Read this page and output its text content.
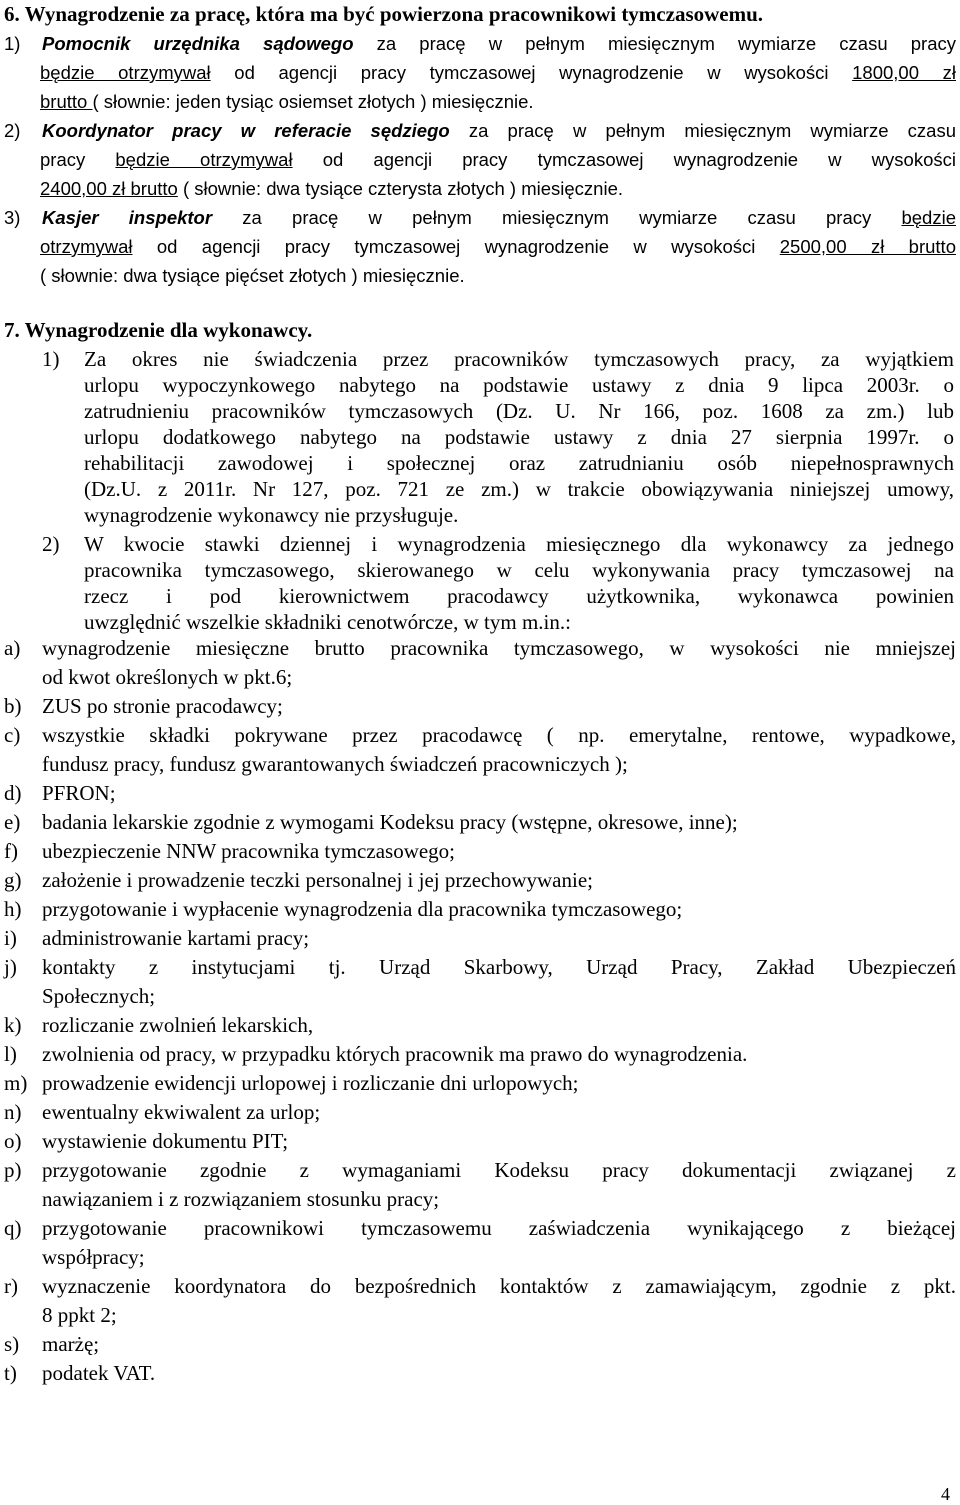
6. Wynagrodzenie za pracę, która ma być powierzona pracownikowi tymczasowemu.
1) Pomocnik urzędnika sądowego za pracę w pełnym miesięcznym wymiarze czasu pracy
będzie otrzymywał od agencji pracy tymczasowej wynagrodzenie w wysokości 1800,00 zł
brutto ( słownie: jeden tysiąc osiemset złotych ) miesięcznie.
2) Koordynator pracy w referacie sędziego za pracę w pełnym miesięcznym wymiarze czasu
pracy będzie otrzymywał od agencji pracy tymczasowej wynagrodzenie w wysokości
2400,00 zł brutto ( słownie: dwa tysiące czterysta złotych ) miesięcznie.
3) Kasjer inspektor za pracę w pełnym miesięcznym wymiarze czasu pracy będzie
otrzymywał od agencji pracy tymczasowej wynagrodzenie w wysokości 2500,00 zł brutto
( słownie: dwa tysiące pięćset złotych ) miesięcznie.
7. Wynagrodzenie dla wykonawcy.
1) Za okres nie świadczenia przez pracowników tymczasowych pracy, za wyjątkiem
urlopu wypoczynkowego nabytego na podstawie ustawy z dnia 9 lipca 2003r. o
zatrudnieniu pracowników tymczasowych (Dz. U. Nr 166, poz. 1608 za zm.) lub
urlopu dodatkowego nabytego na podstawie ustawy z dnia 27 sierpnia 1997r. o
rehabilitacji zawodowej i społecznej oraz zatrudnianiu osób niepełnosprawnych
(Dz.U. z 2011r. Nr 127, poz. 721 ze zm.) w trakcie obowiązywania niniejszej umowy,
wynagrodzenie wykonawcy nie przysługuje.
2) W kwocie stawki dziennej i wynagrodzenia miesięcznego dla wykonawcy za jednego
pracownika tymczasowego, skierowanego w celu wykonywania pracy tymczasowej na
rzecz i pod kierownictwem pracodawcy użytkownika, wykonawca powinien
uwzględnić wszelkie składniki cenotwórcze, w tym m.in.:
a) wynagrodzenie miesięczne brutto pracownika tymczasowego, w wysokości nie mniejszej
od kwot określonych w pkt.6;
b) ZUS po stronie pracodawcy;
c) wszystkie składki pokrywane przez pracodawcę ( np. emerytalne, rentowe, wypadkowe,
fundusz pracy, fundusz gwarantowanych świadczeń pracowniczych );
d) PFRON;
e) badania lekarskie zgodnie z wymogami Kodeksu pracy (wstępne, okresowe, inne);
f) ubezpieczenie NNW pracownika tymczasowego;
g) założenie i prowadzenie teczki personalnej i jej przechowywanie;
h) przygotowanie i wypłacenie wynagrodzenia dla pracownika tymczasowego;
i) administrowanie kartami pracy;
j) kontakty z instytucjami tj. Urząd Skarbowy, Urząd Pracy, Zakład Ubezpieczeń
Społecznych;
k) rozliczanie zwolnień lekarskich,
l) zwolnienia od pracy, w przypadku których pracownik ma prawo do wynagrodzenia.
m) prowadzenie ewidencji urlopowej i rozliczanie dni urlopowych;
n) ewentualny ekwiwalent za urlop;
o) wystawienie dokumentu PIT;
p) przygotowanie zgodnie z wymaganiami Kodeksu pracy dokumentacji związanej z
nawiązaniem i z rozwiązaniem stosunku pracy;
q) przygotowanie pracownikowi tymczasowemu zaświadczenia wynikającego z bieżącej
współpracy;
r) wyznaczenie koordynatora do bezpośrednich kontaktów z zamawiającym, zgodnie z pkt.
8 ppkt 2;
s) marżę;
t) podatek VAT.
4
